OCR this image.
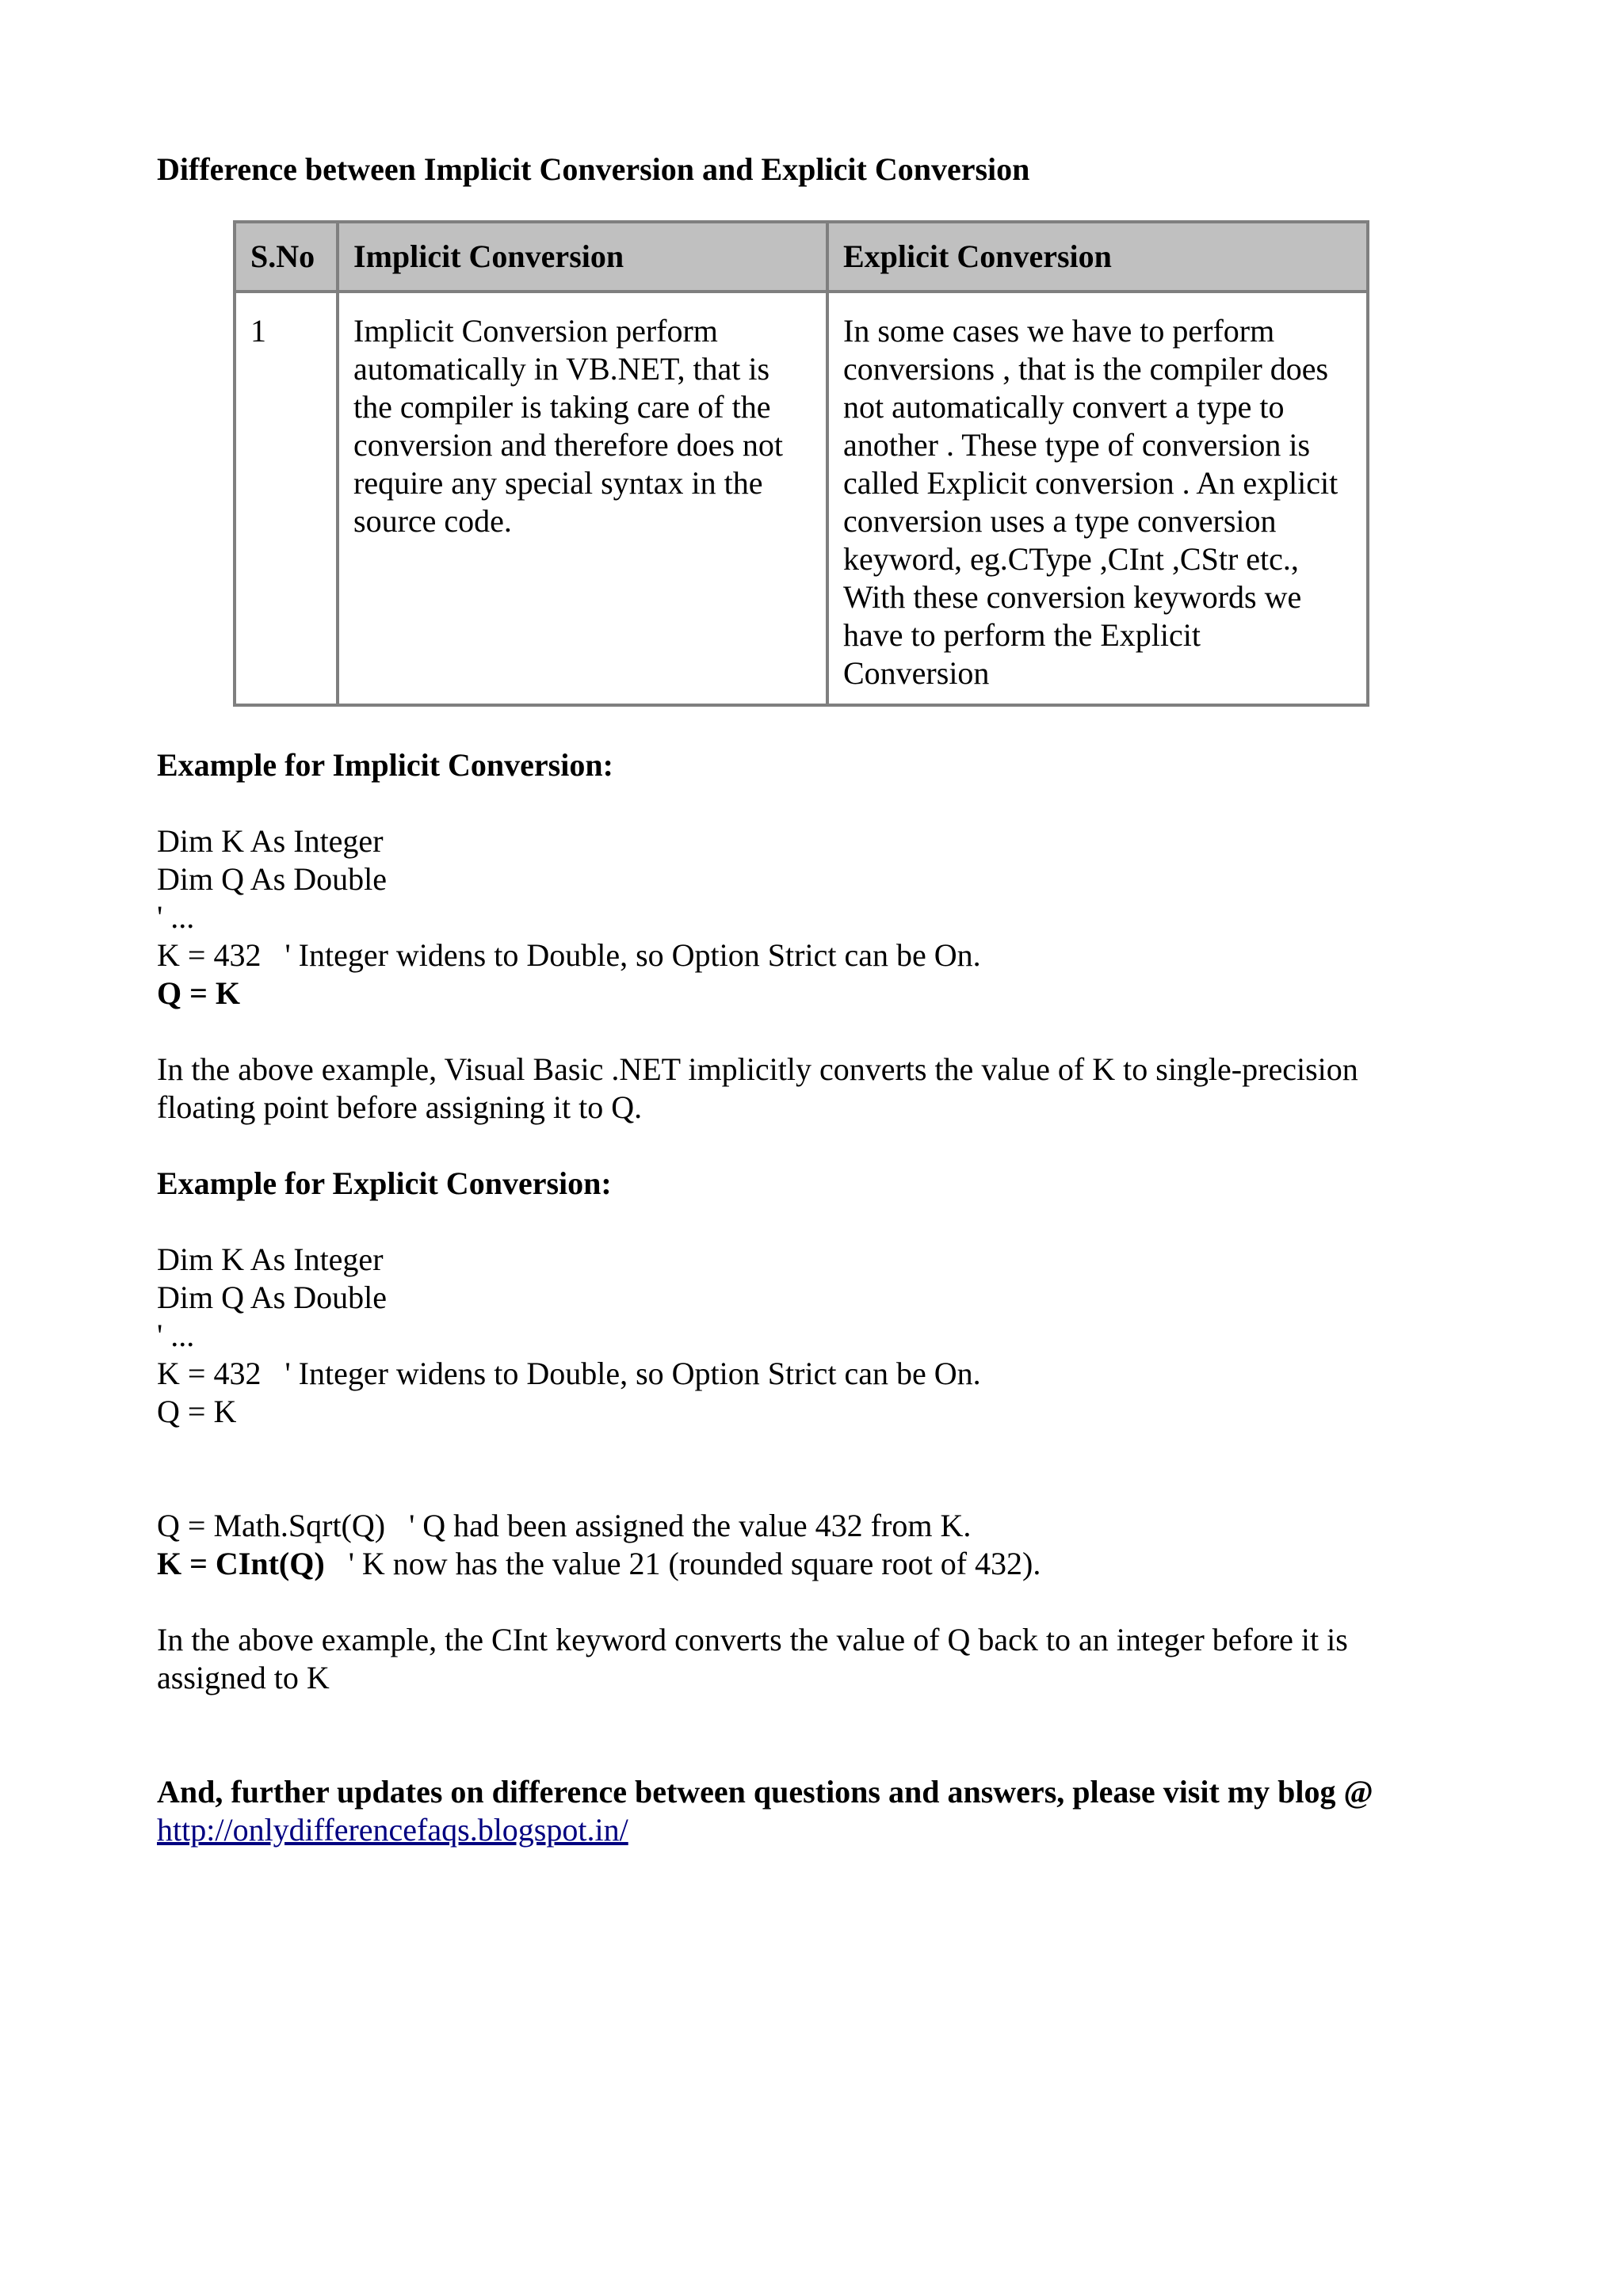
Difference between Implicit Conversion and Explicit Conversion

S.No	Implicit Conversion	Explicit Conversion
1	Implicit Conversion perform automatically in VB.NET, that is the compiler is taking care of the conversion and therefore does not require any special syntax in the source code.	In some cases we have to perform conversions , that is the compiler does not automatically convert a type to another . These type of conversion is called Explicit conversion . An explicit conversion uses a type conversion keyword, eg.CType ,CInt ,CStr etc., With these conversion keywords we have to perform the Explicit Conversion

Example for Implicit Conversion:

Dim K As Integer

Dim Q As Double

' ...

K = 432   ' Integer widens to Double, so Option Strict can be On.

Q = K

In the above example, Visual Basic .NET implicitly converts the value of K to single-precision floating point before assigning it to Q.

Example for Explicit Conversion:

Dim K As Integer

Dim Q As Double

' ...

K = 432   ' Integer widens to Double, so Option Strict can be On.

Q = K

Q = Math.Sqrt(Q)   ' Q had been assigned the value 432 from K.

K = CInt(Q)   ' K now has the value 21 (rounded square root of 432).

In the above example, the CInt keyword converts the value of Q back to an integer before it is assigned to K

And, further updates on difference between questions and answers, please visit my blog @

http://onlydifferencefaqs.blogspot.in/
